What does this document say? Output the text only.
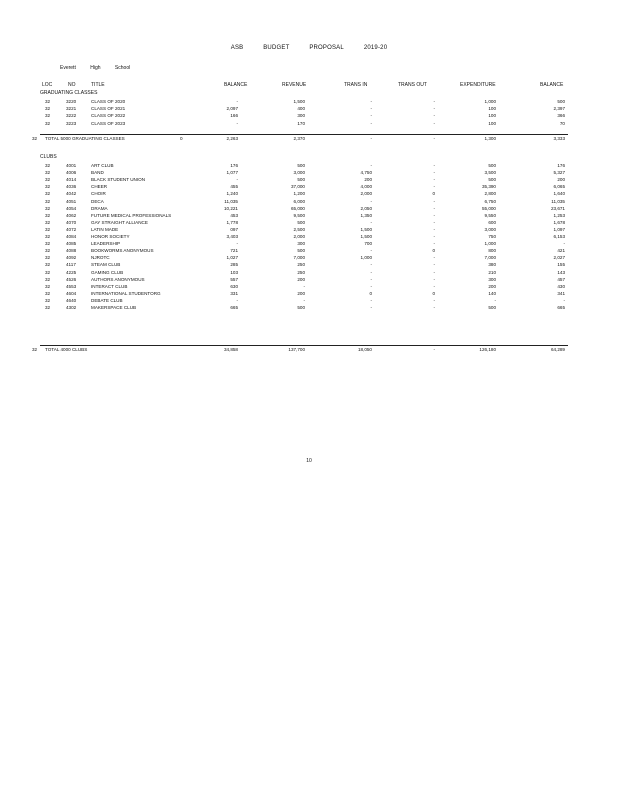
ASB	BUDGET	PROPOSAL	2019-20
Everett	High	School
LOC	NO	TITLE	BALANCE	REVENUE	TRANS IN	TRANS OUT	EXPENDITURE	BALANCE
GRADUATING CLASSES
32	3220	CLASS OF 2020	-	1,500	-	-	1,000	500
32	3221	CLASS OF 2021	2,097	400	-	-	100	2,397
32	3222	CLASS OF 2022	166	300	-	-	100	366
32	3223	CLASS OF 2023	-	170	-	-	100	70
32 TOTAL 5000 GRADUATING CLASSES	0	2,263	2,370	-	-	1,300	3,333
CLUBS
32	4001	ART CLUB	176	500	-	-	500	176
32	4006	BAND	1,077	3,000	4,750	-	3,500	5,327
32	4014	BLACK STUDENT UNION	-	500	200	-	500	200
32	4036	CHEER	455	37,000	4,000	-	35,390	6,065
32	4042	CHOIR	1,240	1,200	2,000	0	2,800	1,640
32	4051	DECA	11,035	6,000	-	-	6,750	11,035
32	4054	DRAMA	10,221	65,000	2,050	-	55,000	23,671
32	4062	FUTURE MEDICAL PROFESSIONALS	453	9,500	1,350	-	9,550	1,253
32	4070	GAY STRAIGHT ALLIANCE	1,778	500	-	-	600	1,678
32	4072	LATIN MADE	097	2,500	1,500	-	3,000	1,097
32	4084	HONOR SOCIETY	3,403	2,000	1,500	-	750	6,153
32	4085	LEADERSHIP	-	300	700	-	1,000	-
32	4088	BOOKWORMS ANONYMOUS	721	500	-	0	800	421
32	4092	NJROTC	1,027	7,000	1,000	-	7,000	2,027
32	4117	STEAM CLUB	285	250	-	-	380	155
32	4225	GAMING CLUB	103	250	-	-	210	143
32	4526	AUTHORS ANONYMOUS	557	200	-	-	300	457
32	4553	INTERACT CLUB	630	-	-	-	200	430
32	4604	INTERNATIONAL STUDENTORG	331	200	0	0	140	341
32	4640	DEBATE CLUB	-	-	-	-	-	-
32	4302	MAKERSPACE CLUB	665	500	-	-	500	665
32 TOTAL 4000 CLUBS	34,858	137,700	18,050	-	126,180	64,289
10
